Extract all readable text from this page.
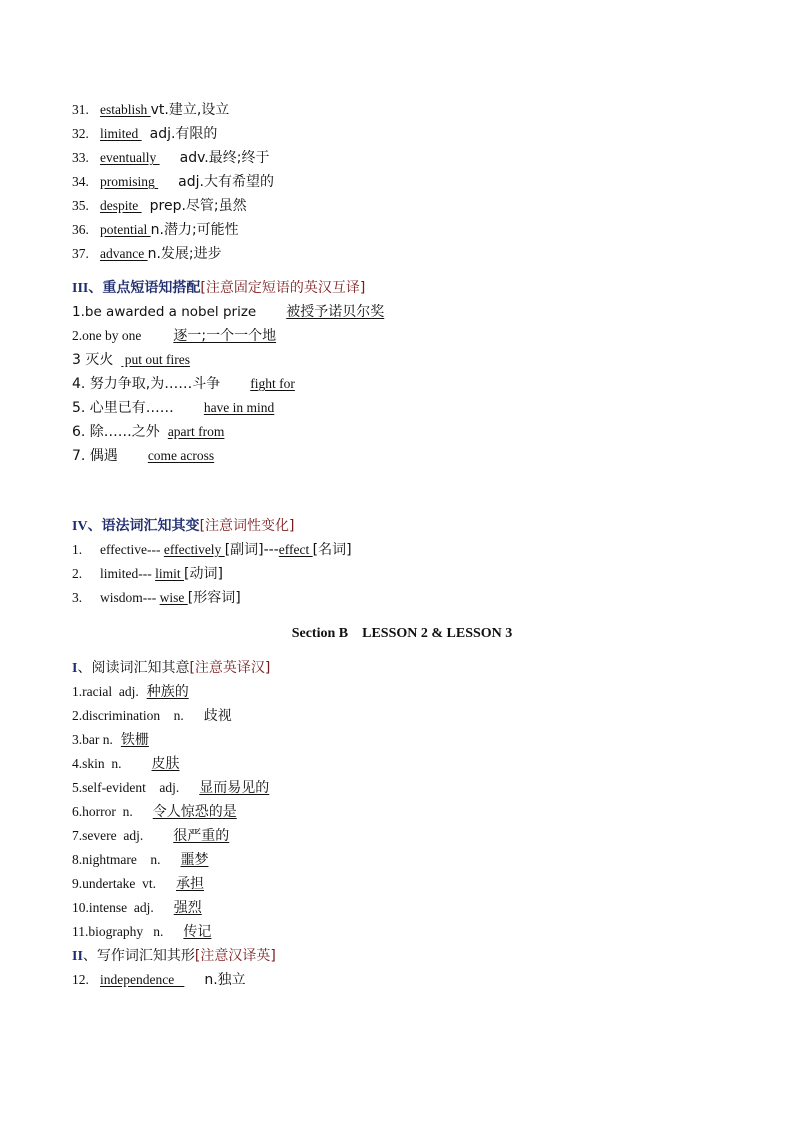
31. establish vt.建立,设立
32. limited adj.有限的
33. eventually adv.最终;终于
34. promising adj.大有希望的
35. despite prep.尽管;虽然
36. potential n.潜力;可能性
37. advance n.发展;进步
III、重点短语知搭配[注意固定短语的英汉互译]
1.be awarded a nobel prize 被授予诺贝尔奖
2.one by one 逐一;一个一个地
3 灭火 put out fires
4. 努力争取,为……斗争 fight for
5. 心里已有…… have in mind
6. 除……之外 apart from
7. 偶遇 come across
IV、语法词汇知其变[注意词性变化]
1. effective--- effectively [副词]---effect [名词]
2. limited--- limit [动词]
3. wisdom--- wise [形容词]
Section B    LESSON 2 & LESSON 3
I、阅读词汇知其意[注意英译汉]
1.racial  adj. 种族的
2.discrimination    n. 歧视
3.bar n. 铁栅
4.skin  n. 皮肤
5.self-evident    adj. 显而易见的
6.horror  n. 令人惊恐的是
7.severe  adj. 很严重的
8.nightmare    n. 噩梦
9.undertake  vt. 承担
10.intense  adj. 强烈
11.biography   n. 传记
II、写作词汇知其形[注意汉译英]
12. independence   n.独立
